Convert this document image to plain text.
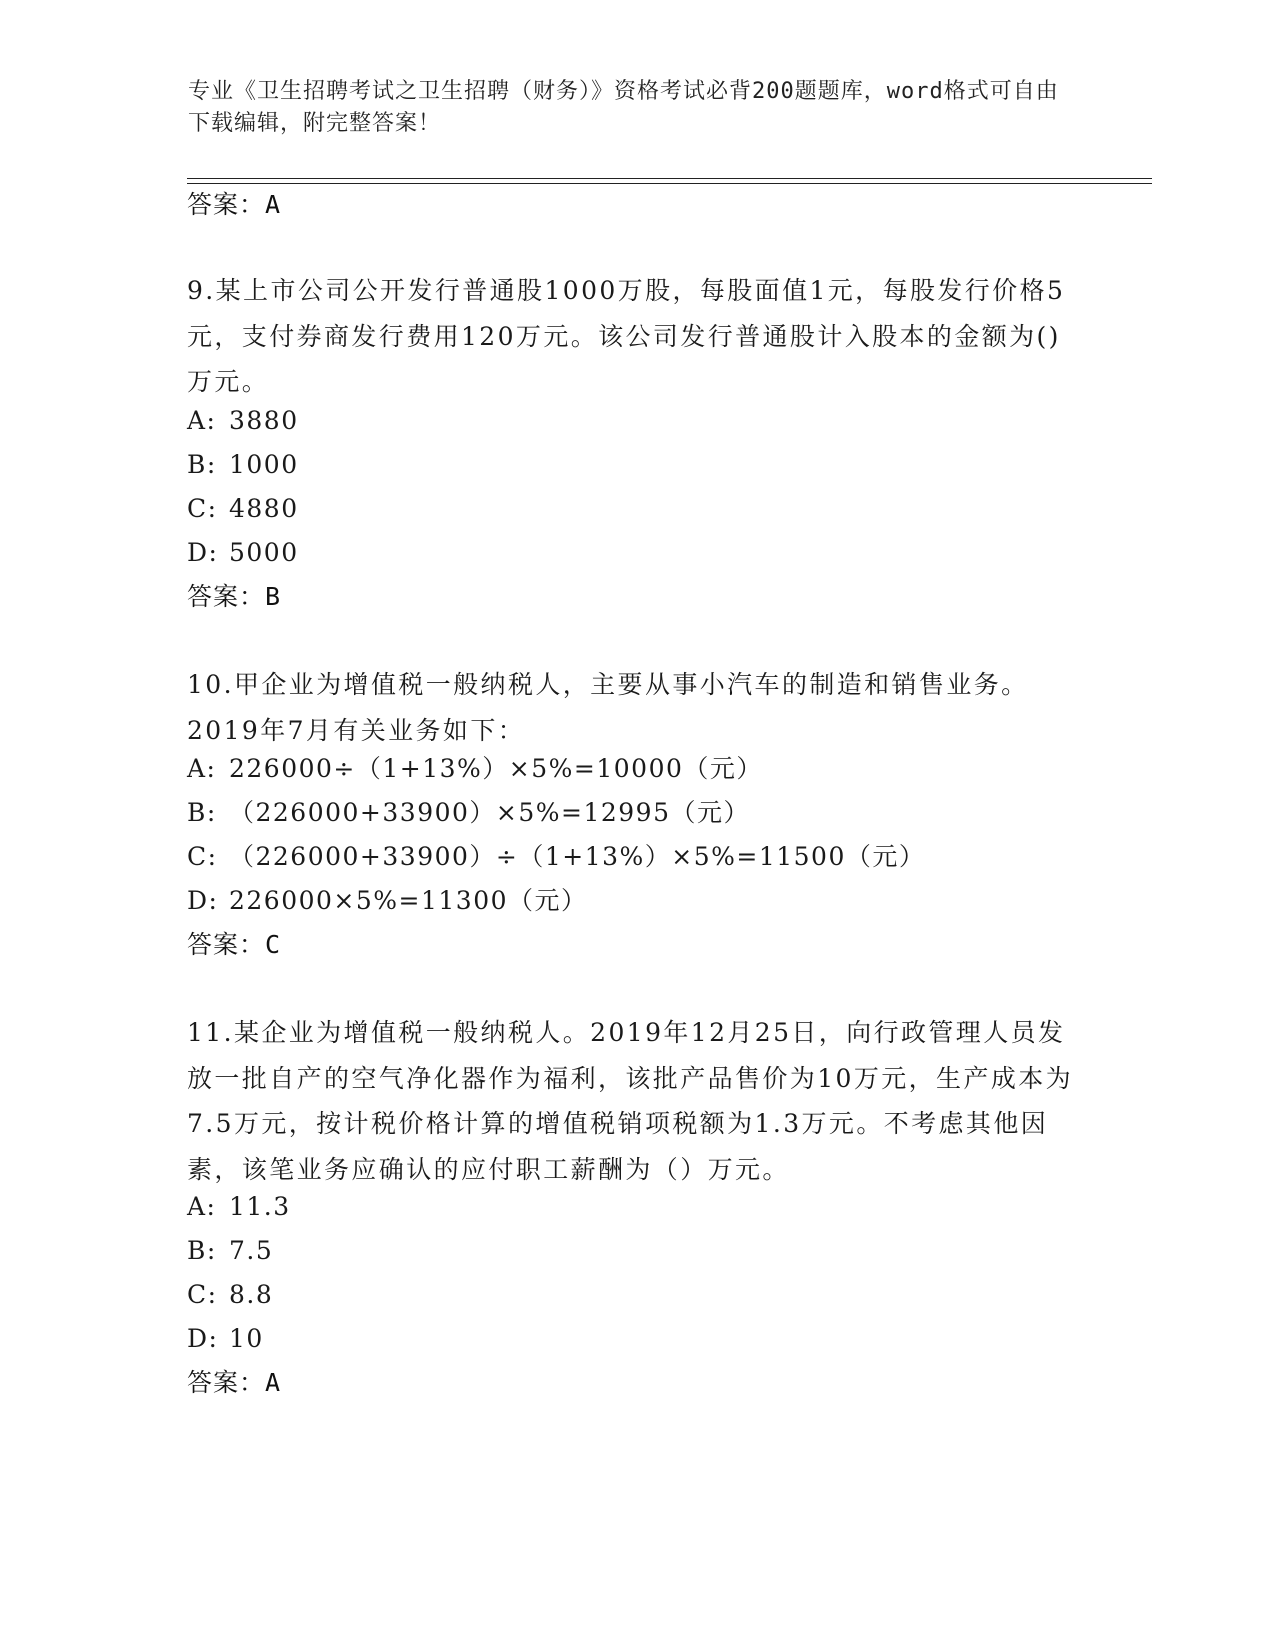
专业《卫生招聘考试之卫生招聘（财务）》资格考试必背200题题库，word格式可自由下载编辑，附完整答案！
答案：A
9.某上市公司公开发行普通股1000万股，每股面值1元，每股发行价格5元，支付券商发行费用120万元。该公司发行普通股计入股本的金额为()万元。
A: 3880
B: 1000
C: 4880
D: 5000
答案：B
10.甲企业为增值税一般纳税人，主要从事小汽车的制造和销售业务。2019年7月有关业务如下：
A: 226000÷（1+13%）×5%=10000（元）
B: （226000+33900）×5%=12995（元）
C: （226000+33900）÷（1+13%）×5%=11500（元）
D: 226000×5%=11300（元）
答案：C
11.某企业为增值税一般纳税人。2019年12月25日，向行政管理人员发放一批自产的空气净化器作为福利，该批产品售价为10万元，生产成本为7.5万元，按计税价格计算的增值税销项税额为1.3万元。不考虑其他因素，该笔业务应确认的应付职工薪酬为（）万元。
A: 11.3
B: 7.5
C: 8.8
D: 10
答案：A
